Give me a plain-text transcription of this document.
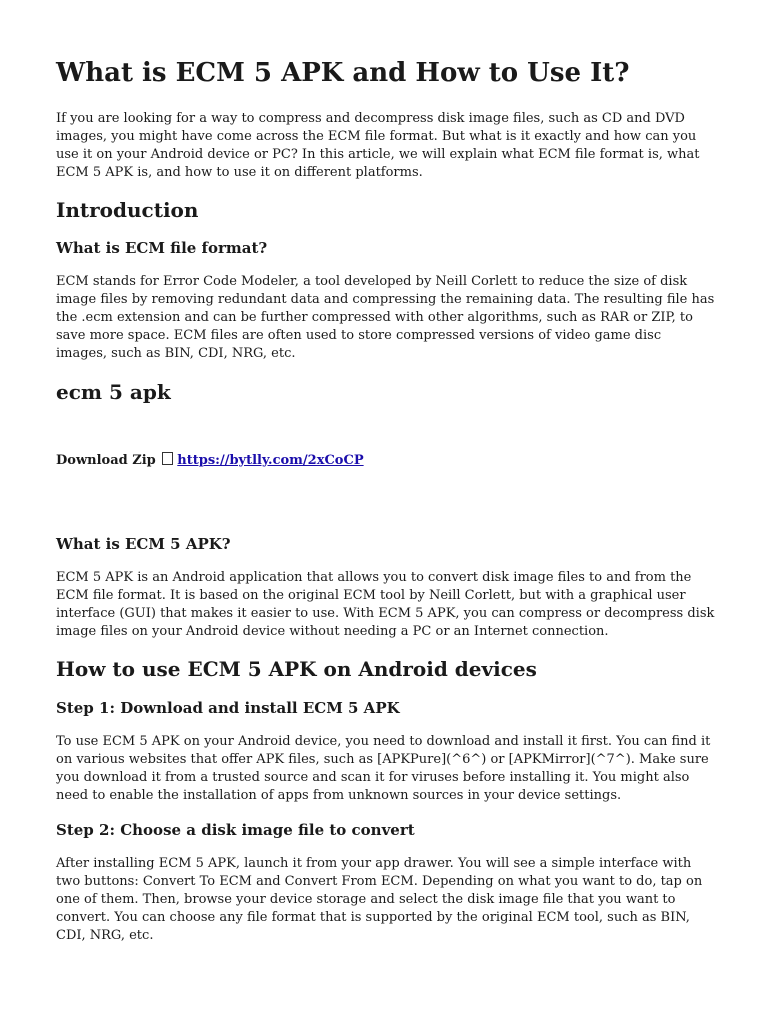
What is ECM 5 APK and How to Use It?

If you are looking for a way to compress and decompress disk image files, such as CD and DVD images, you might have come across the ECM file format. But what is it exactly and how can you use it on your Android device or PC? In this article, we will explain what ECM file format is, what ECM 5 APK is, and how to use it on different platforms.

Introduction
What is ECM file format?

ECM stands for Error Code Modeler, a tool developed by Neill Corlett to reduce the size of disk image files by removing redundant data and compressing the remaining data. The resulting file has the .ecm extension and can be further compressed with other algorithms, such as RAR or ZIP, to save more space. ECM files are often used to store compressed versions of video game disc images, such as BIN, CDI, NRG, etc.

ecm 5 apk
Download Zip https://bytlly.com/2xCoCP
What is ECM 5 APK?

ECM 5 APK is an Android application that allows you to convert disk image files to and from the ECM file format. It is based on the original ECM tool by Neill Corlett, but with a graphical user interface (GUI) that makes it easier to use. With ECM 5 APK, you can compress or decompress disk image files on your Android device without needing a PC or an Internet connection.

How to use ECM 5 APK on Android devices
Step 1: Download and install ECM 5 APK

To use ECM 5 APK on your Android device, you need to download and install it first. You can find it on various websites that offer APK files, such as [APKPure](^6^) or [APKMirror](^7^). Make sure you download it from a trusted source and scan it for viruses before installing it. You might also need to enable the installation of apps from unknown sources in your device settings.

Step 2: Choose a disk image file to convert

After installing ECM 5 APK, launch it from your app drawer. You will see a simple interface with two buttons: Convert To ECM and Convert From ECM. Depending on what you want to do, tap on one of them. Then, browse your device storage and select the disk image file that you want to convert. You can choose any file format that is supported by the original ECM tool, such as BIN, CDI, NRG, etc.
